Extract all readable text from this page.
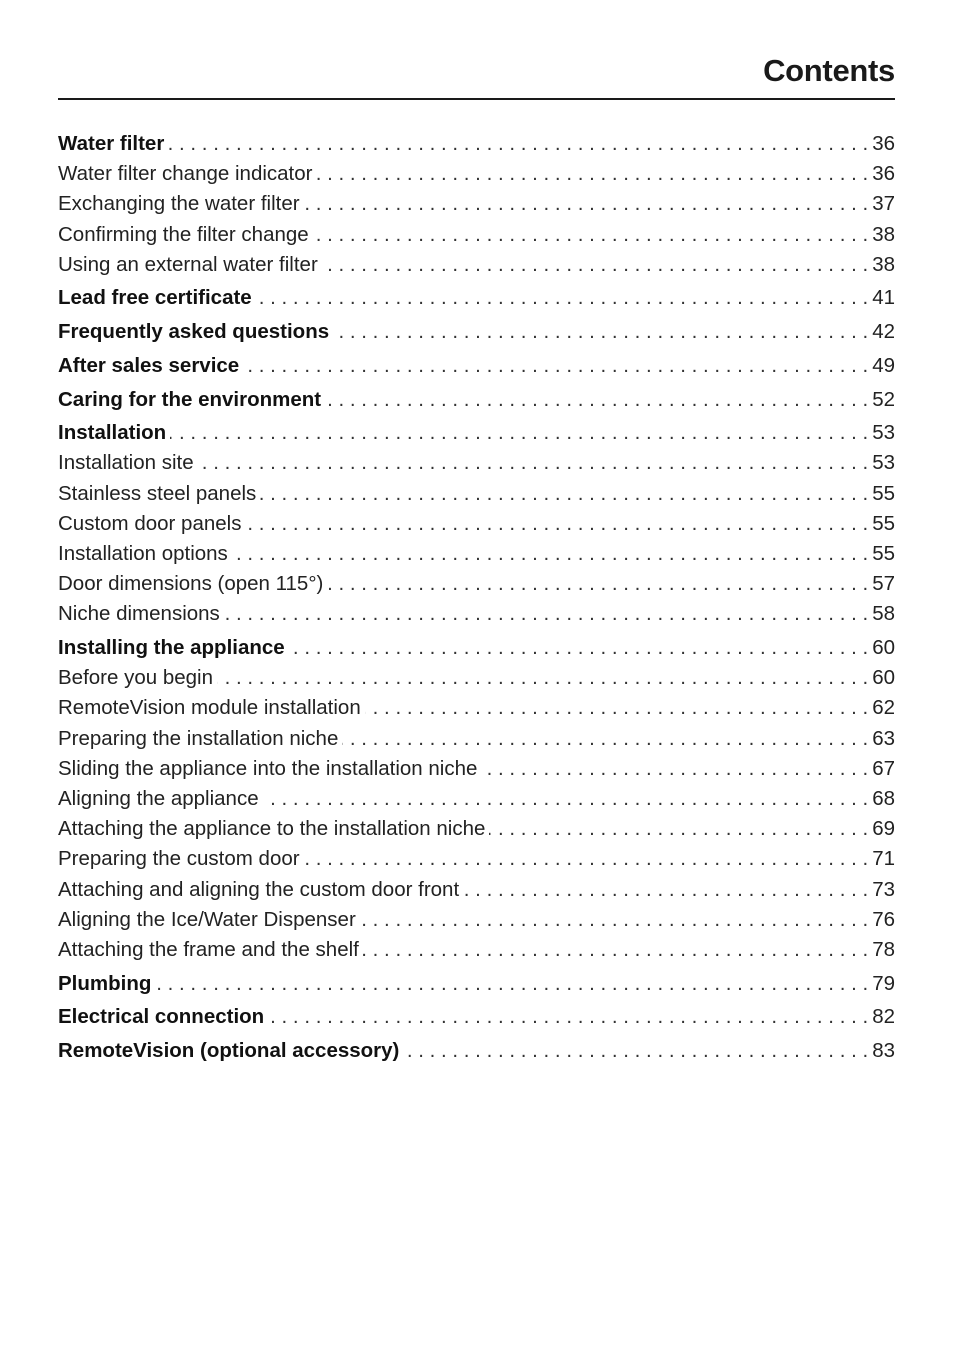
Contents
Water filter . . .	36
Water filter change indicator . . .	36
Exchanging the water filter . . .	37
Confirming the filter change . . .	38
Using an external water filter . . .	38
Lead free certificate . . .	41
Frequently asked questions . . .	42
After sales service . . .	49
Caring for the environment . . .	52
Installation . . .	53
Installation site . . .	53
Stainless steel panels . . .	55
Custom door panels . . .	55
Installation options . . .	55
Door dimensions (open 115°) . . .	57
Niche dimensions . . .	58
Installing the appliance . . .	60
Before you begin . . .	60
RemoteVision module installation . . .	62
Preparing the installation niche . . .	63
Sliding the appliance into the installation niche . . .	67
Aligning the appliance . . .	68
Attaching the appliance to the installation niche . . .	69
Preparing the custom door . . .	71
Attaching and aligning the custom door front . . .	73
Aligning the Ice/Water Dispenser . . .	76
Attaching the frame and the shelf . . .	78
Plumbing . . .	79
Electrical connection . . .	82
RemoteVision (optional accessory) . . .	83
